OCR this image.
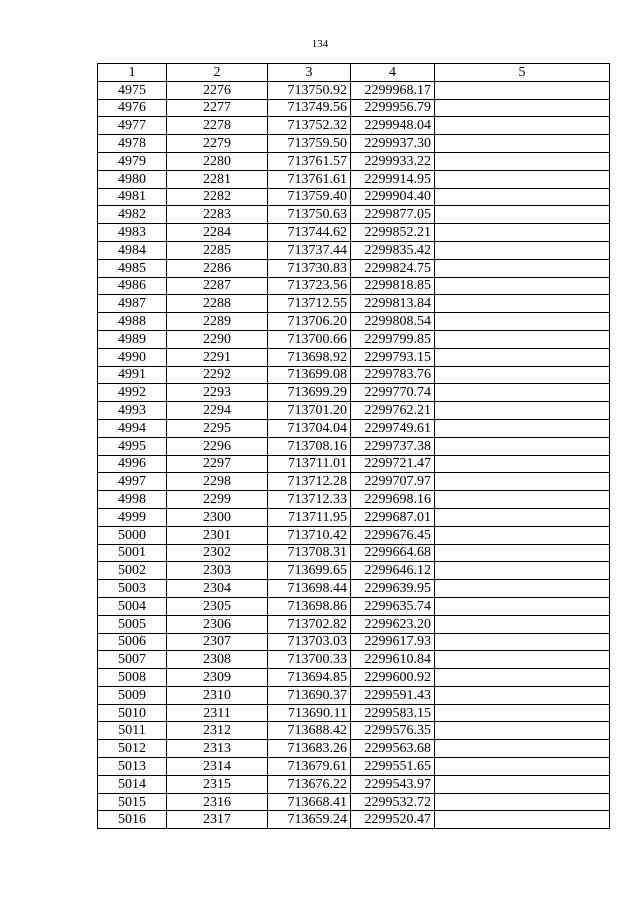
134
1	2	3	4	5
4975	2276	713750.92	2299968.17	
4976	2277	713749.56	2299956.79	
4977	2278	713752.32	2299948.04	
4978	2279	713759.50	2299937.30	
4979	2280	713761.57	2299933.22	
4980	2281	713761.61	2299914.95	
4981	2282	713759.40	2299904.40	
4982	2283	713750.63	2299877.05	
4983	2284	713744.62	2299852.21	
4984	2285	713737.44	2299835.42	
4985	2286	713730.83	2299824.75	
4986	2287	713723.56	2299818.85	
4987	2288	713712.55	2299813.84	
4988	2289	713706.20	2299808.54	
4989	2290	713700.66	2299799.85	
4990	2291	713698.92	2299793.15	
4991	2292	713699.08	2299783.76	
4992	2293	713699.29	2299770.74	
4993	2294	713701.20	2299762.21	
4994	2295	713704.04	2299749.61	
4995	2296	713708.16	2299737.38	
4996	2297	713711.01	2299721.47	
4997	2298	713712.28	2299707.97	
4998	2299	713712.33	2299698.16	
4999	2300	713711.95	2299687.01	
5000	2301	713710.42	2299676.45	
5001	2302	713708.31	2299664.68	
5002	2303	713699.65	2299646.12	
5003	2304	713698.44	2299639.95	
5004	2305	713698.86	2299635.74	
5005	2306	713702.82	2299623.20	
5006	2307	713703.03	2299617.93	
5007	2308	713700.33	2299610.84	
5008	2309	713694.85	2299600.92	
5009	2310	713690.37	2299591.43	
5010	2311	713690.11	2299583.15	
5011	2312	713688.42	2299576.35	
5012	2313	713683.26	2299563.68	
5013	2314	713679.61	2299551.65	
5014	2315	713676.22	2299543.97	
5015	2316	713668.41	2299532.72	
5016	2317	713659.24	2299520.47	
